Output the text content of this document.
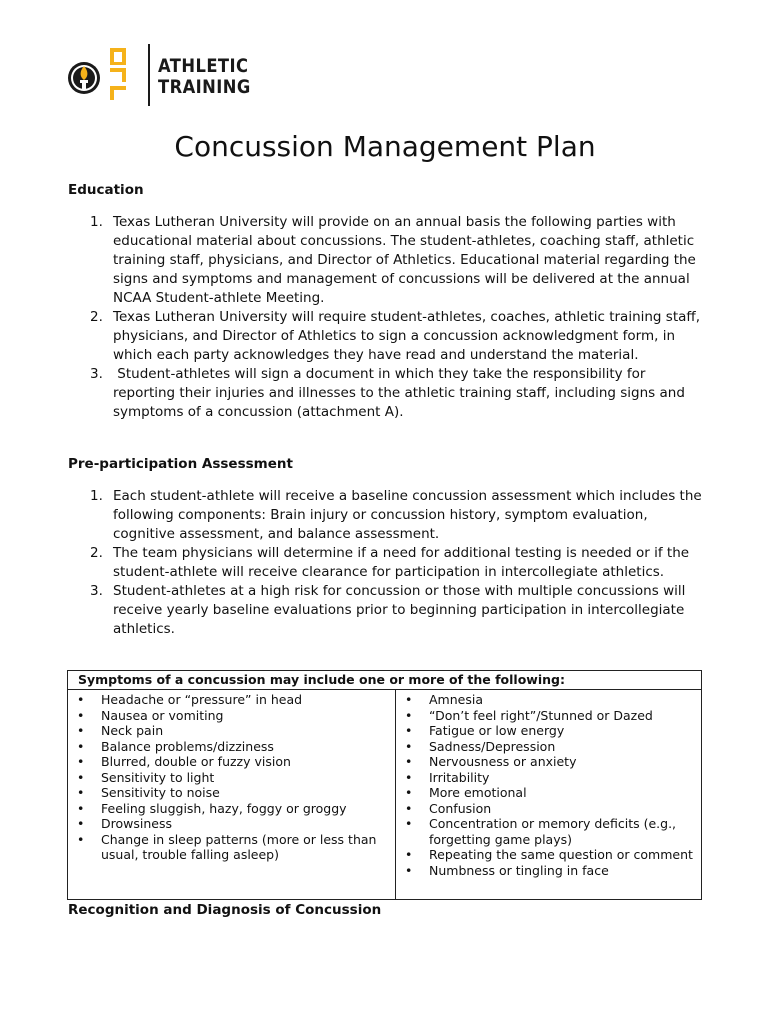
ATHLETIC
TRAINING
Concussion Management Plan
Education
1. Texas Lutheran University will provide on an annual basis the following parties with educational material about concussions. The student-athletes, coaching staff, athletic training staff, physicians, and Director of Athletics. Educational material regarding the signs and symptoms and management of concussions will be delivered at the annual NCAA Student-athlete Meeting.
2. Texas Lutheran University will require student-athletes, coaches, athletic training staff, physicians, and Director of Athletics to sign a concussion acknowledgment form, in which each party acknowledges they have read and understand the material.
3. Student-athletes will sign a document in which they take the responsibility for reporting their injuries and illnesses to the athletic training staff, including signs and symptoms of a concussion (attachment A).
Pre-participation Assessment
1. Each student-athlete will receive a baseline concussion assessment which includes the following components: Brain injury or concussion history, symptom evaluation, cognitive assessment, and balance assessment.
2. The team physicians will determine if a need for additional testing is needed or if the student-athlete will receive clearance for participation in intercollegiate athletics.
3. Student-athletes at a high risk for concussion or those with multiple concussions will receive yearly baseline evaluations prior to beginning participation in intercollegiate athletics.
Symptoms of a concussion may include one or more of the following:
• Headache or “pressure” in head
• Nausea or vomiting
• Neck pain
• Balance problems/dizziness
• Blurred, double or fuzzy vision
• Sensitivity to light
• Sensitivity to noise
• Feeling sluggish, hazy, foggy or groggy
• Drowsiness
• Change in sleep patterns (more or less than usual, trouble falling asleep)
• Amnesia
• “Don’t feel right”/Stunned or Dazed
• Fatigue or low energy
• Sadness/Depression
• Nervousness or anxiety
• Irritability
• More emotional
• Confusion
• Concentration or memory deficits (e.g., forgetting game plays)
• Repeating the same question or comment
• Numbness or tingling in face
Recognition and Diagnosis of Concussion
